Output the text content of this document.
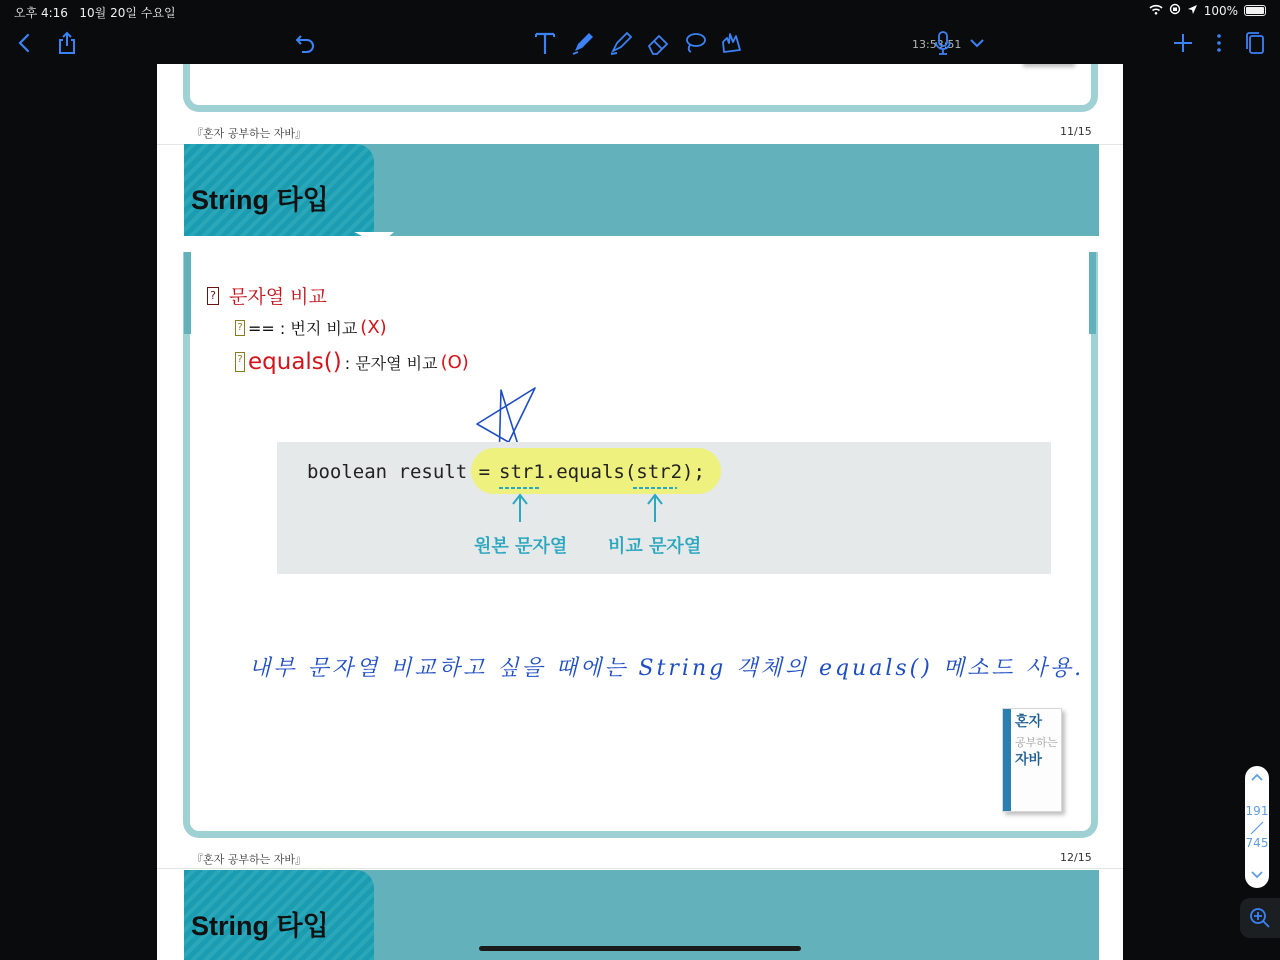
오후 4:16 10월 20일 수요일	100%
13:53:51
『혼자 공부하는 자바』	11/15
String 타입
? 문자열 비교
? == : 번지 비교 (X)
? equals() : 문자열 비교 (O)
boolean result =
str1.equals(str2);
원본 문자열 비교 문자열
내부 문자열 비교하고 싶을 때에는 String 객체의 equals() 메소드 사용.
혼자
공부하는
자바
『혼자 공부하는 자바』	12/15
String 타입
191
745
